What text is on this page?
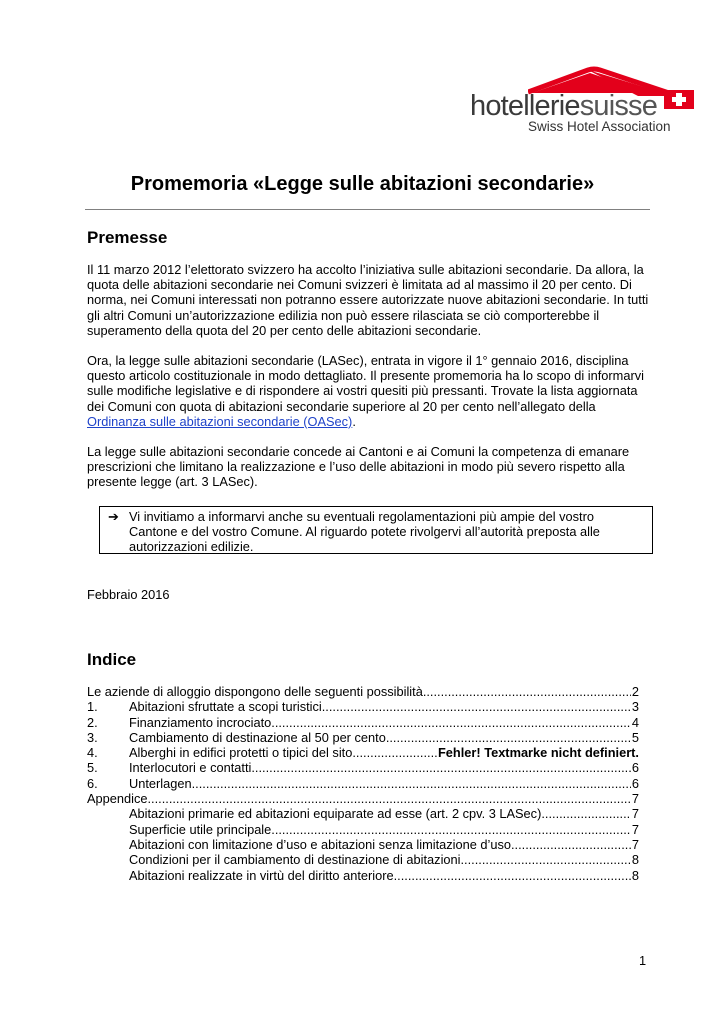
hotelleriesuisse
Swiss Hotel Association
Promemoria «Legge sulle abitazioni secondarie»
Premesse

Il 11 marzo 2012 l’elettorato svizzero ha accolto l’iniziativa sulle abitazioni secondarie. Da allora, la quota delle abitazioni secondarie nei Comuni svizzeri è limitata ad al massimo il 20 per cento. Di norma, nei Comuni interessati non potranno essere autorizzate nuove abitazioni secondarie. In tutti gli altri Comuni un’autorizzazione edilizia non può essere rilasciata se ciò comporterebbe il superamento della quota del 20 per cento delle abitazioni secondarie.

Ora, la legge sulle abitazioni secondarie (LASec), entrata in vigore il 1° gennaio 2016, disciplina questo articolo costituzionale in modo dettagliato. Il presente promemoria ha lo scopo di informarvi sulle modifiche legislative e di rispondere ai vostri quesiti più pressanti. Trovate la lista aggiornata dei Comuni con quota di abitazioni secondarie superiore al 20 per cento nell’allegato della Ordinanza sulle abitazioni secondarie (OASec).

La legge sulle abitazioni secondarie concede ai Cantoni e ai Comuni la competenza di emanare prescrizioni che limitano la realizzazione e l’uso delle abitazioni in modo più severo rispetto alla presente legge (art. 3 LASec).

➔ Vi invitiamo a informarvi anche su eventuali regolamentazioni più ampie del vostro Cantone e del vostro Comune. Al riguardo potete rivolgervi all’autorità preposta alle autorizzazioni edilizie.

Febbraio 2016

Indice
Le aziende di alloggio dispongono delle seguenti possibilità .....	2
1. Abitazioni sfruttate a scopi turistici .....	3
2. Finanziamento incrociato .....	4
3. Cambiamento di destinazione al 50 per cento .....	5
4. Alberghi in edifici protetti o tipici del sito .....	Fehler! Textmarke nicht definiert.
5. Interlocutori e contatti .....	6
6. Unterlagen .....	6
Appendice .....	7
Abitazioni primarie ed abitazioni equiparate ad esse (art. 2 cpv. 3 LASec) .....	7
Superficie utile principale .....	7
Abitazioni con limitazione d’uso e abitazioni senza limitazione d’uso .....	7
Condizioni per il cambiamento di destinazione di abitazioni .....	8
Abitazioni realizzate in virtù del diritto anteriore .....	8

1
